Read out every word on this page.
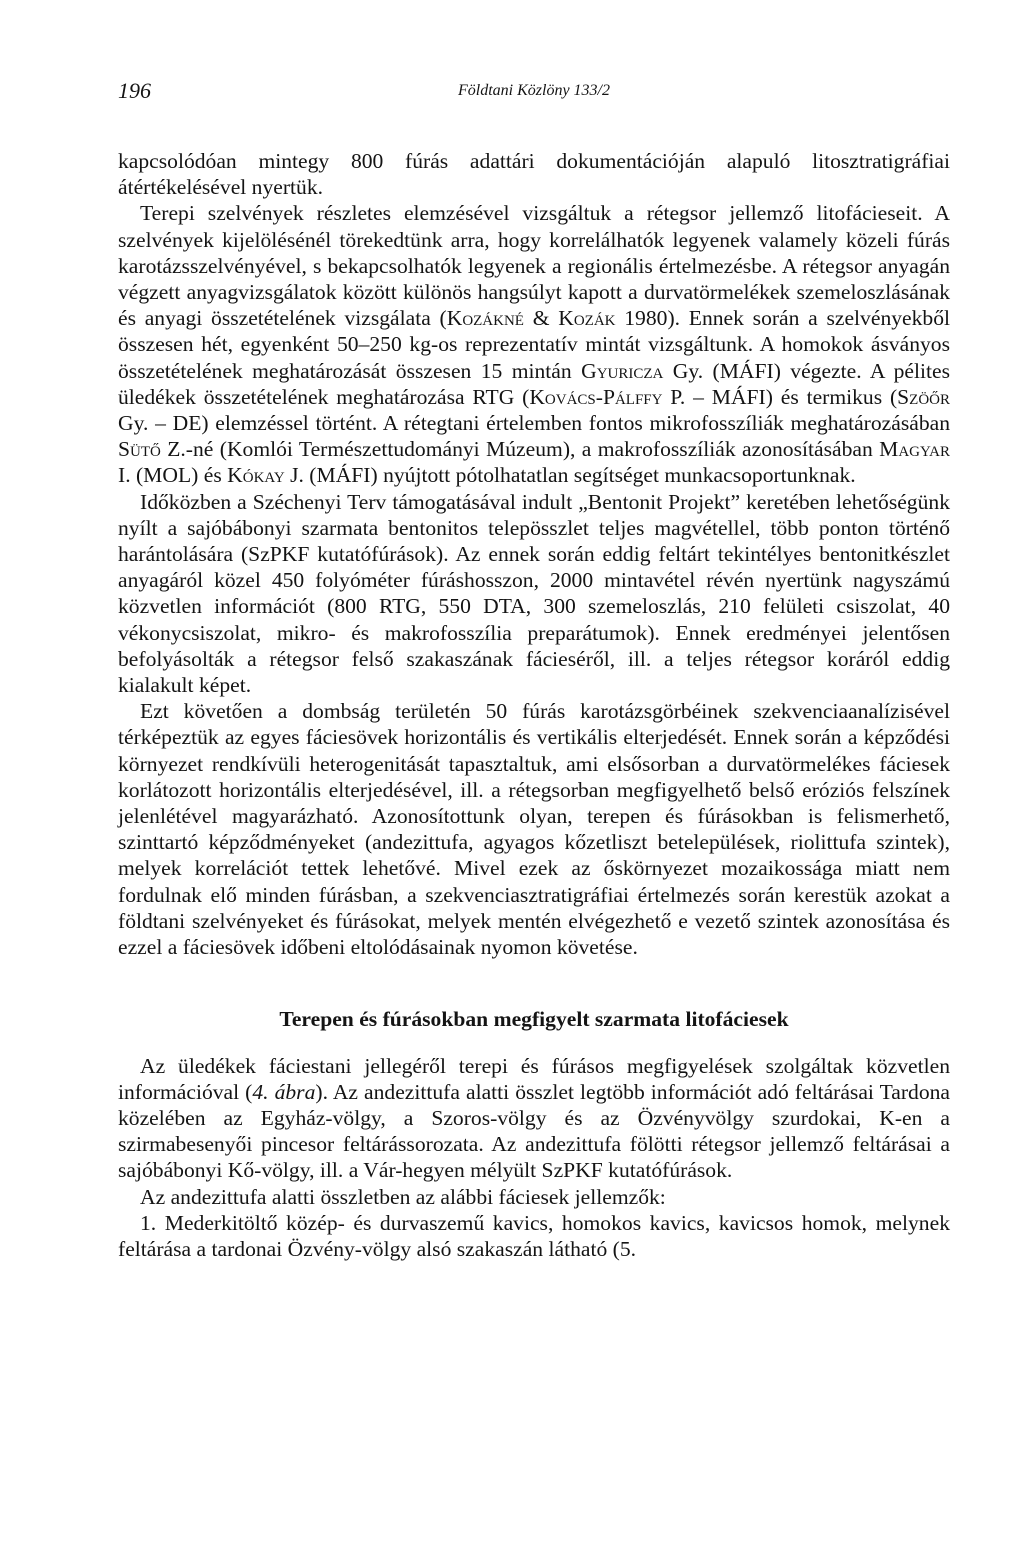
196	Földtani Közlöny 133/2

kapcsolódóan mintegy 800 fúrás adattári dokumentációján alapuló litosztratigráfiai átértékelésével nyertük.

Terepi szelvények részletes elemzésével vizsgáltuk a rétegsor jellemző litofácieseit. A szelvények kijelölésénél törekedtünk arra, hogy korrelálhatók legyenek valamely közeli fúrás karotázsszelvényével, s bekapcsolhatók legyenek a regionális értelmezésbe. A rétegsor anyagán végzett anyagvizsgálatok között különös hangsúlyt kapott a durvatörmelékek szemeloszlásának és anyagi összetételének vizsgálata (Kozákné & Kozák 1980). Ennek során a szelvényekből összesen hét, egyenként 50–250 kg-os reprezentatív mintát vizsgáltunk. A homokok ásványos összetételének meghatározását összesen 15 mintán Gyuricza Gy. (MÁFI) végezte. A pélites üledékek összetételének meghatározása RTG (Kovács-Pálffy P. – MÁFI) és termikus (Szöőr Gy. – DE) elemzéssel történt. A rétegtani értelemben fontos mikrofosszíliák meghatározásában Sütő Z.-né (Komlói Természettudományi Múzeum), a makrofosszíliák azonosításában Magyar I. (MOL) és Kókay J. (MÁFI) nyújtott pótolhatatlan segítséget munkacsoportunknak.

Időközben a Széchenyi Terv támogatásával indult „Bentonit Projekt” keretében lehetőségünk nyílt a sajóbábonyi szarmata bentonitos telepösszlet teljes magvétellel, több ponton történő harántolására (SzPKF kutatófúrások). Az ennek során eddig feltárt tekintélyes bentonitkészlet anyagáról közel 450 folyóméter fúráshosszon, 2000 mintavétel révén nyertünk nagyszámú közvetlen információt (800 RTG, 550 DTA, 300 szemeloszlás, 210 felületi csiszolat, 40 vékonycsiszolat, mikro- és makrofosszília preparátumok). Ennek eredményei jelentősen befolyásolták a rétegsor felső szakaszának fácieséről, ill. a teljes rétegsor koráról eddig kialakult képet.

Ezt követően a dombság területén 50 fúrás karotázsgörbéinek szekvenciaanalízisével térképeztük az egyes fáciesövek horizontális és vertikális elterjedését. Ennek során a képződési környezet rendkívüli heterogenitását tapasztaltuk, ami elsősorban a durvatörmelékes fáciesek korlátozott horizontális elterjedésével, ill. a rétegsorban megfigyelhető belső eróziós felszínek jelenlétével magyarázható. Azonosítottunk olyan, terepen és fúrásokban is felismerhető, szinttartó képződményeket (andezittufa, agyagos kőzetliszt betelepülések, riolittufa szintek), melyek korrelációt tettek lehetővé. Mivel ezek az őskörnyezet mozaikossága miatt nem fordulnak elő minden fúrásban, a szekvenciasztratigráfiai értelmezés során kerestük azokat a földtani szelvényeket és fúrásokat, melyek mentén elvégezhető e vezető szintek azonosítása és ezzel a fáciesövek időbeni eltolódásainak nyomon követése.

Terepen és fúrásokban megfigyelt szarmata litofáciesek

Az üledékek fáciestani jellegéről terepi és fúrásos megfigyelések szolgáltak közvetlen információval (4. ábra). Az andezittufa alatti összlet legtöbb információt adó feltárásai Tardona közelében az Egyház-völgy, a Szoros-völgy és az Özvényvölgy szurdokai, K-en a szirmabesenyői pincesor feltárássorozata. Az andezittufa fölötti rétegsor jellemző feltárásai a sajóbábonyi Kő-völgy, ill. a Vár-hegyen mélyült SzPKF kutatófúrások.

Az andezittufa alatti összletben az alábbi fáciesek jellemzők:

1. Mederkitöltő közép- és durvaszemű kavics, homokos kavics, kavicsos homok, melynek feltárása a tardonai Özvény-völgy alsó szakaszán látható (5.
